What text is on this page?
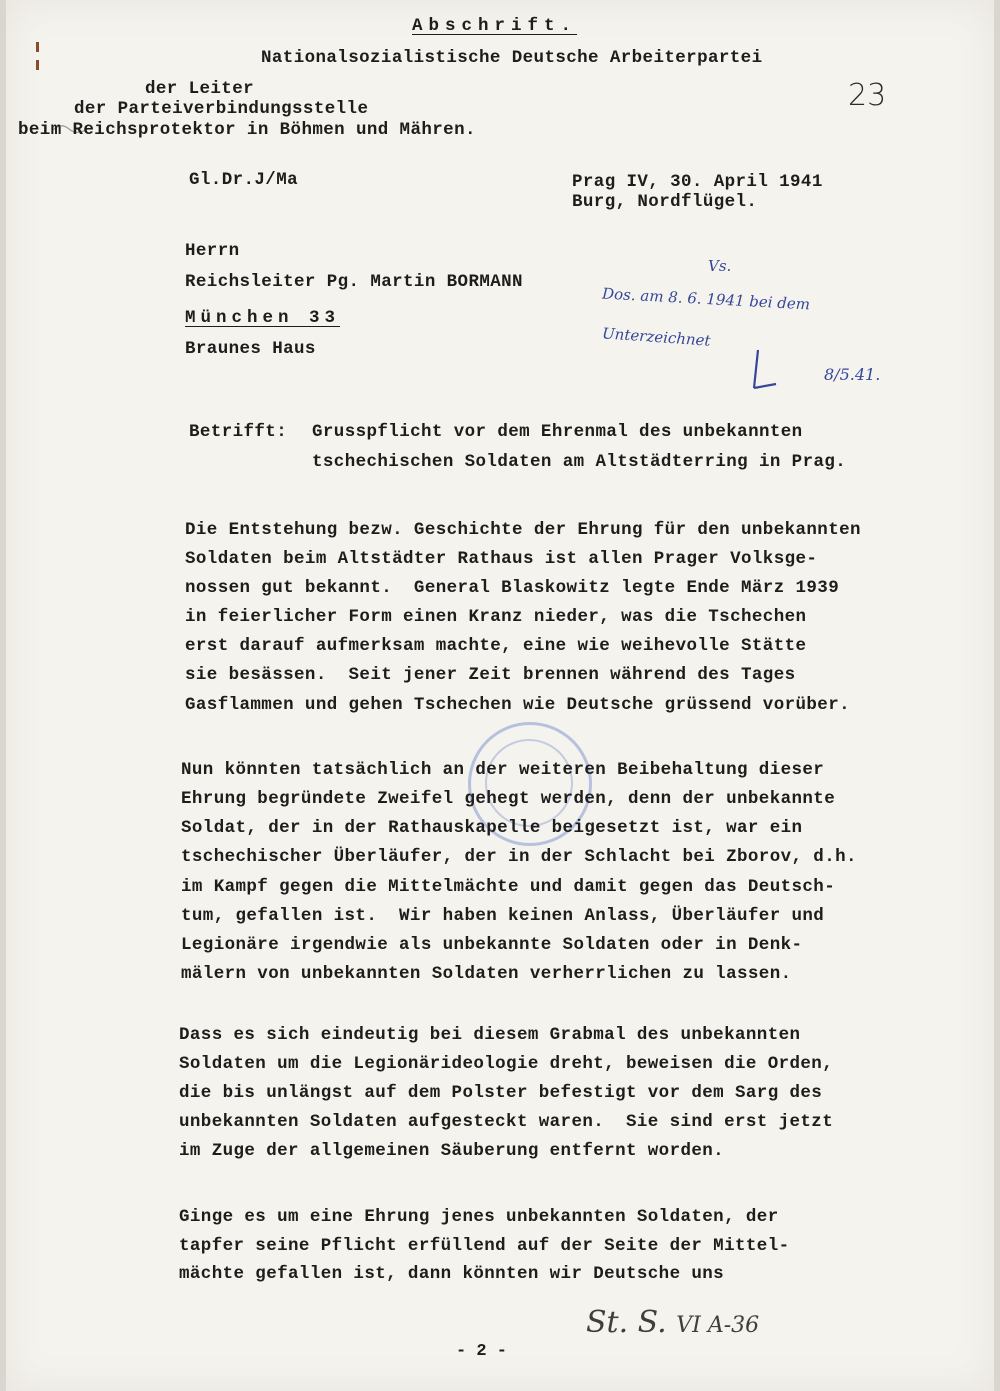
Abschrift.
Nationalsozialistische Deutsche Arbeiterpartei
der Leiter
der Parteiverbindungsstelle
beim Reichsprotektor in Böhmen und Mähren.
23
Gl.Dr.J/Ma	Prag IV, 30. April 1941
Burg, Nordflügel.
Herrn
Reichsleiter Pg. Martin BORMANN
München 33
Braunes Haus
Vs.
Dos. am 8. 6. 1941 bei dem
Unterzeichnet
8/5.41.
Betrifft: Grusspflicht vor dem Ehrenmal des unbekannten
tschechischen Soldaten am Altstädterring in Prag.
Die Entstehung bezw. Geschichte der Ehrung für den unbekannten
Soldaten beim Altstädter Rathaus ist allen Prager Volksge-
nossen gut bekannt.  General Blaskowitz legte Ende März 1939
in feierlicher Form einen Kranz nieder, was die Tschechen
erst darauf aufmerksam machte, eine wie weihevolle Stätte
sie besässen.  Seit jener Zeit brennen während des Tages
Gasflammen und gehen Tschechen wie Deutsche grüssend vorüber.
Nun könnten tatsächlich an der weiteren Beibehaltung dieser
Ehrung begründete Zweifel gehegt werden, denn der unbekannte
Soldat, der in der Rathauskapelle beigesetzt ist, war ein
tschechischer Überläufer, der in der Schlacht bei Zborov, d.h.
im Kampf gegen die Mittelmächte und damit gegen das Deutsch-
tum, gefallen ist.  Wir haben keinen Anlass, Überläufer und
Legionäre irgendwie als unbekannte Soldaten oder in Denk-
mälern von unbekannten Soldaten verherrlichen zu lassen.
Dass es sich eindeutig bei diesem Grabmal des unbekannten
Soldaten um die Legionärideologie dreht, beweisen die Orden,
die bis unlängst auf dem Polster befestigt vor dem Sarg des
unbekannten Soldaten aufgesteckt waren.  Sie sind erst jetzt
im Zuge der allgemeinen Säuberung entfernt worden.
Ginge es um eine Ehrung jenes unbekannten Soldaten, der
tapfer seine Pflicht erfüllend auf der Seite der Mittel-
mächte gefallen ist, dann könnten wir Deutsche uns
St. S. VI A-36
- 2 -
